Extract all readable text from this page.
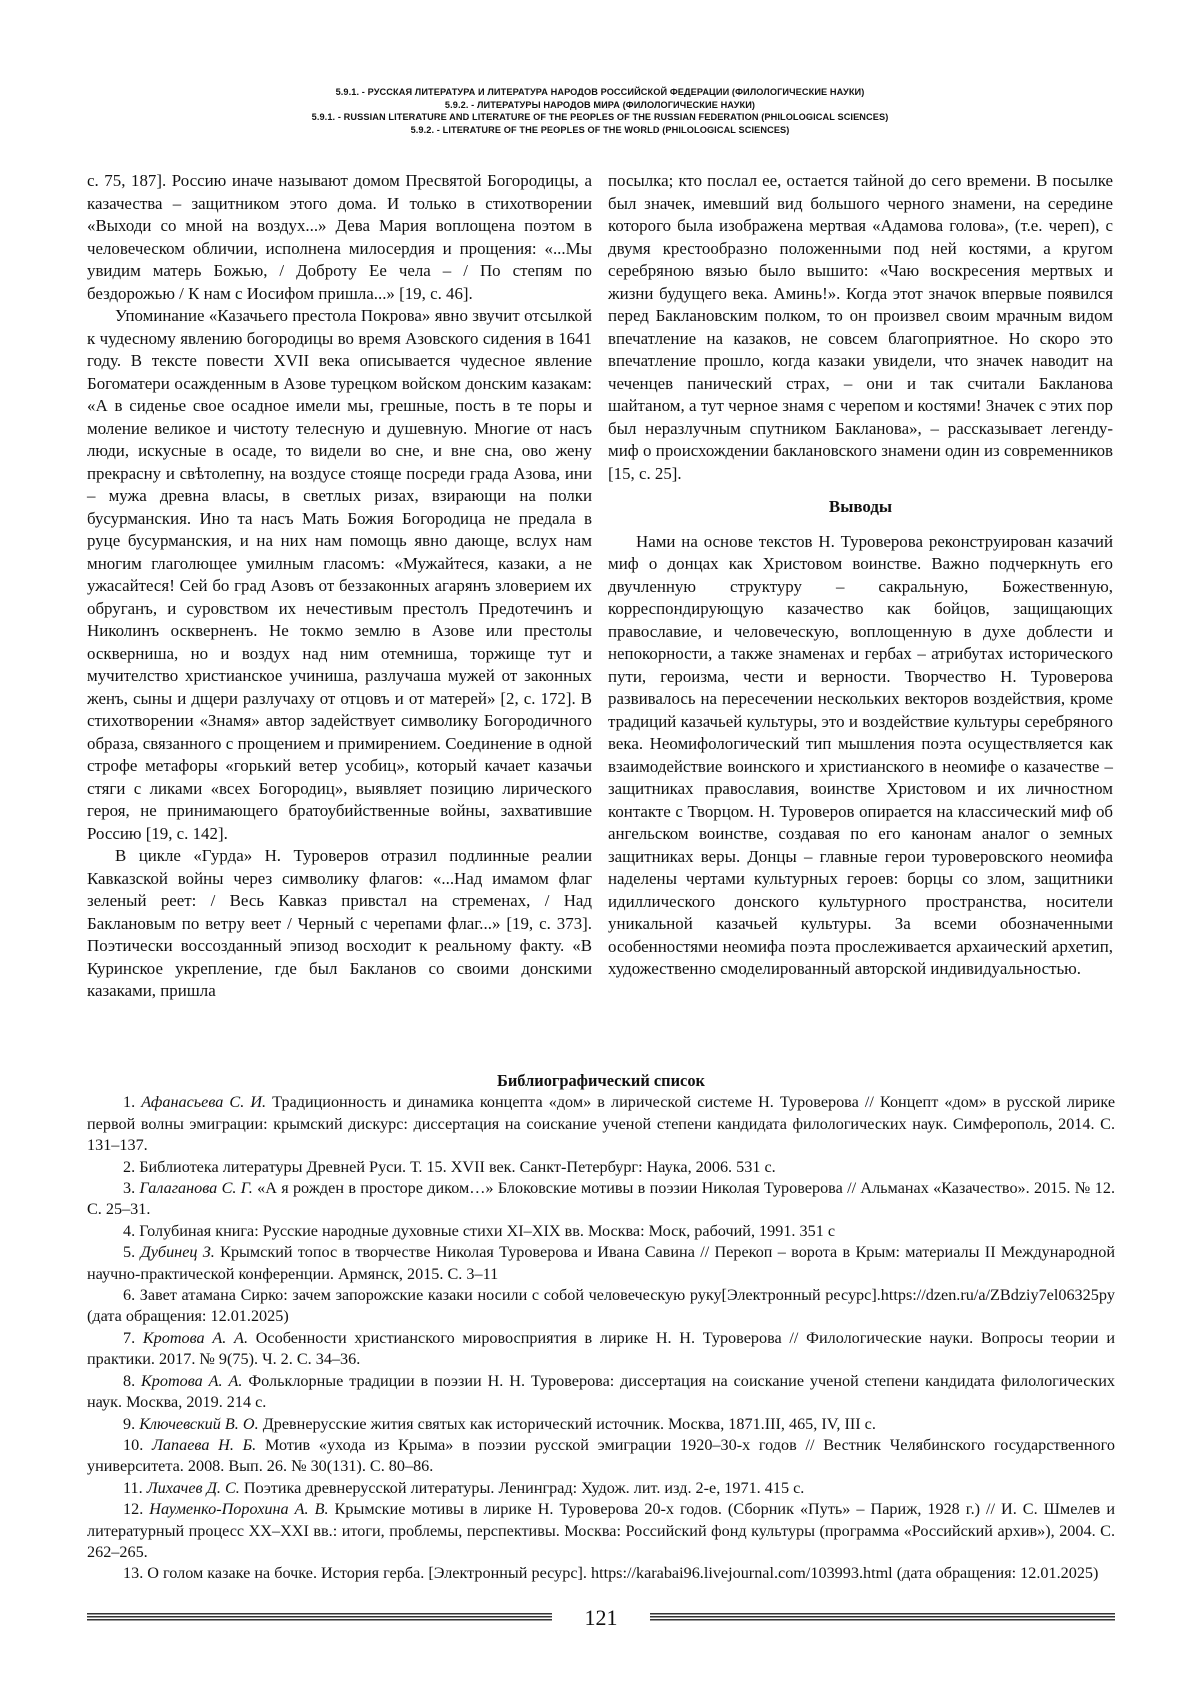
5.9.1. - РУССКАЯ ЛИТЕРАТУРА И ЛИТЕРАТУРА НАРОДОВ РОССИЙСКОЙ ФЕДЕРАЦИИ (ФИЛОЛОГИЧЕСКИЕ НАУКИ)
5.9.2. - ЛИТЕРАТУРЫ НАРОДОВ МИРА (ФИЛОЛОГИЧЕСКИЕ НАУКИ)
5.9.1. - RUSSIAN LITERATURE AND LITERATURE OF THE PEOPLES OF THE RUSSIAN FEDERATION (PHILOLOGICAL SCIENCES)
5.9.2. - LITERATURE OF THE PEOPLES OF THE WORLD (PHILOLOGICAL SCIENCES)

с. 75, 187]. Россию иначе называют домом Пресвятой Богородицы, а казачества – защитником этого дома. И только в стихотворении «Выходи со мной на воздух...» Дева Мария воплощена поэтом в человеческом обличии, исполнена милосердия и прощения: «...Мы увидим матерь Божью, / Доброту Ее чела – / По степям по бездорожью / К нам с Иосифом пришла...» [19, с. 46].

Упоминание «Казачьего престола Покрова» явно звучит отсылкой к чудесному явлению богородицы во время Азовского сидения в 1641 году. В тексте повести XVII века описывается чудесное явление Богоматери осажденным в Азове турецком войском донским казакам: «А в сиденье свое осадное имели мы, грешные, пость в те поры и моление великое и чистоту телесную и душевную. Многие от насъ люди, искусные в осаде, то видели во сне, и вне сна, ово жену прекрасну и свѣтолепну, на воздусе стояще посреди града Азова, ини – мужа древна власы, в светлых ризах, взирающи на полки бусурманския. Ино та насъ Мать Божия Богородица не предала в руце бусурманския, и на них нам помощь явно дающе, вслух нам многим глаголющее умилным гласомъ: «Мужайтеся, казаки, а не ужасайтеся! Сей бо град Азовъ от беззаконных агарянъ зловерием их обруганъ, и суровством их нечестивым престолъ Предотечинъ и Николинъ оскверненъ. Не токмо землю в Азове или престолы оскверниша, но и воздух над ним отемниша, торжище тут и мучителство христианское учиниша, разлучаша мужей от законных женъ, сыны и дщери разлучаху от отцовъ и от матерей» [2, с. 172]. В стихотворении «Знамя» автор задействует символику Богородичного образа, связанного с прощением и примирением. Соединение в одной строфе метафоры «горький ветер усобиц», который качает казачьи стяги с ликами «всех Богородиц», выявляет позицию лирического героя, не принимающего братоубийственные войны, захватившие Россию [19, с. 142].

В цикле «Гурда» Н. Туроверов отразил подлинные реалии Кавказской войны через символику флагов: «...Над имамом флаг зеленый реет: / Весь Кавказ привстал на стременах, / Над Баклановым по ветру веет / Черный с черепами флаг...» [19, с. 373]. Поэтически воссозданный эпизод восходит к реальному факту. «В Куринское укрепление, где был Бакланов со своими донскими казаками, пришла

посылка; кто послал ее, остается тайной до сего времени. В посылке был значек, имевший вид большого черного знамени, на середине которого была изображена мертвая «Адамова голова», (т.е. череп), с двумя крестообразно положенными под ней костями, а кругом серебряною вязью было вышито: «Чаю воскресения мертвых и жизни будущего века. Аминь!». Когда этот значок впервые появился перед Баклановским полком, то он произвел своим мрачным видом впечатление на казаков, не совсем благоприятное. Но скоро это впечатление прошло, когда казаки увидели, что значек наводит на чеченцев панический страх, – они и так считали Бакланова шайтаном, а тут черное знамя с черепом и костями! Значек с этих пор был неразлучным спутником Бакланова», – рассказывает легенду-миф о происхождении баклановского знамени один из современников [15, с. 25].

Выводы

Нами на основе текстов Н. Туроверова реконструирован казачий миф о донцах как Христовом воинстве. Важно подчеркнуть его двучленную структуру – сакральную, Божественную, корреспондирующую казачество как бойцов, защищающих православие, и человеческую, воплощенную в духе доблести и непокорности, а также знаменах и гербах – атрибутах исторического пути, героизма, чести и верности. Творчество Н. Туроверова развивалось на пересечении нескольких векторов воздействия, кроме традиций казачьей культуры, это и воздействие культуры серебряного века. Неомифологический тип мышления поэта осуществляется как взаимодействие воинского и христианского в неомифе о казачестве – защитниках православия, воинстве Христовом и их личностном контакте с Творцом. Н. Туроверов опирается на классический миф об ангельском воинстве, создавая по его канонам аналог о земных защитниках веры. Донцы – главные герои туроверовского неомифа наделены чертами культурных героев: борцы со злом, защитники идиллического донского культурного пространства, носители уникальной казачьей культуры. За всеми обозначенными особенностями неомифа поэта прослеживается архаический архетип, художественно смоделированный авторской индивидуальностью.

Библиографический список

1. Афанасьева С. И. Традиционность и динамика концепта «дом» в лирической системе Н. Туроверова // Концепт «дом» в русской лирике первой волны эмиграции: крымский дискурс: диссертация на соискание ученой степени кандидата филологических наук. Симферополь, 2014. С. 131–137.

2. Библиотека литературы Древней Руси. Т. 15. XVII век. Санкт-Петербург: Наука, 2006. 531 с.

3. Галаганова С. Г. «А я рожден в просторе диком…» Блоковские мотивы в поэзии Николая Туроверова // Альманах «Казачество». 2015. № 12. С. 25–31.

4. Голубиная книга: Русские народные духовные стихи XI–XIX вв. Москва: Моск, рабочий, 1991. 351 с

5. Дубинец З. Крымский топос в творчестве Николая Туроверова и Ивана Савина // Перекоп – ворота в Крым: материалы II Международной научно-практической конференции. Армянск, 2015. С. 3–11

6. Завет атамана Сирко: зачем запорожские казаки носили с собой человеческую руку[Электронный ресурс].https://dzen.ru/a/ZBdziy7el06325py (дата обращения: 12.01.2025)

7. Кротова А. А. Особенности христианского мировосприятия в лирике Н. Н. Туроверова // Филологические науки. Вопросы теории и практики. 2017. № 9(75). Ч. 2. С. 34–36.

8. Кротова А. А. Фольклорные традиции в поэзии Н. Н. Туроверова: диссертация на соискание ученой степени кандидата филологических наук. Москва, 2019. 214 с.

9. Ключевский В. О. Древнерусские жития святых как исторический источник. Москва, 1871.III, 465, IV, III с.

10. Лапаева Н. Б. Мотив «ухода из Крыма» в поэзии русской эмиграции 1920–30-х годов // Вестник Челябинского государственного университета. 2008. Вып. 26. № 30(131). С. 80–86.

11. Лихачев Д. С. Поэтика древнерусской литературы. Ленинград: Худож. лит. изд. 2-е, 1971. 415 с.

12. Науменко-Порохина А. В. Крымские мотивы в лирике Н. Туроверова 20-х годов. (Сборник «Путь» – Париж, 1928 г.) // И. С. Шмелев и литературный процесс XX–XXI вв.: итоги, проблемы, перспективы. Москва: Российский фонд культуры (программа «Российский архив»), 2004. С. 262–265.

13. О голом казаке на бочке. История герба. [Электронный ресурс]. https://karabai96.livejournal.com/103993.html (дата обращения: 12.01.2025)

121
